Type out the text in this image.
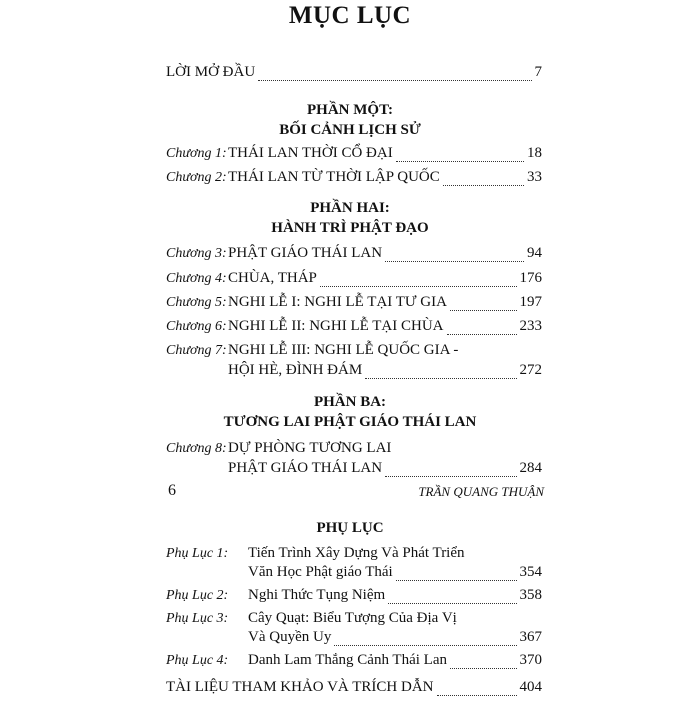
MỤC LỤC
LỜI MỞ ĐẦU	7
PHẦN MỘT:
BỐI CẢNH LỊCH SỬ
Chương 1: THÁI LAN THỜI CỔ ĐẠI	18
Chương 2: THÁI LAN TỪ THỜI LẬP QUỐC	33
PHẦN HAI:
HÀNH TRÌ PHẬT ĐẠO
Chương 3: PHẬT GIÁO THÁI LAN	94
Chương 4: CHÙA, THÁP	176
Chương 5: NGHI LỄ I: NGHI LỄ TẠI TƯ GIA	197
Chương 6: NGHI LỄ II: NGHI LỄ TẠI CHÙA	233
Chương 7: NGHI LỄ III: NGHI LỄ QUỐC GIA -
HỘI HÈ, ĐÌNH ĐÁM	272
PHẦN BA:
TƯƠNG LAI PHẬT GIÁO THÁI LAN
Chương 8: DỰ PHÒNG TƯƠNG LAI
PHẬT GIÁO THÁI LAN	284
6	TRẦN QUANG THUẬN
PHỤ LỤC
Phụ Lục 1:	Tiến Trình Xây Dựng Và Phát Triển
Văn Học Phật giáo Thái	354
Phụ Lục 2:	Nghi Thức Tụng Niệm	358
Phụ Lục 3:	Cây Quạt: Biểu Tượng Của Địa Vị
Và Quyền Uy	367
Phụ Lục 4:	Danh Lam Thắng Cảnh Thái Lan	370
TÀI LIỆU THAM KHẢO VÀ TRÍCH DẪN	404
